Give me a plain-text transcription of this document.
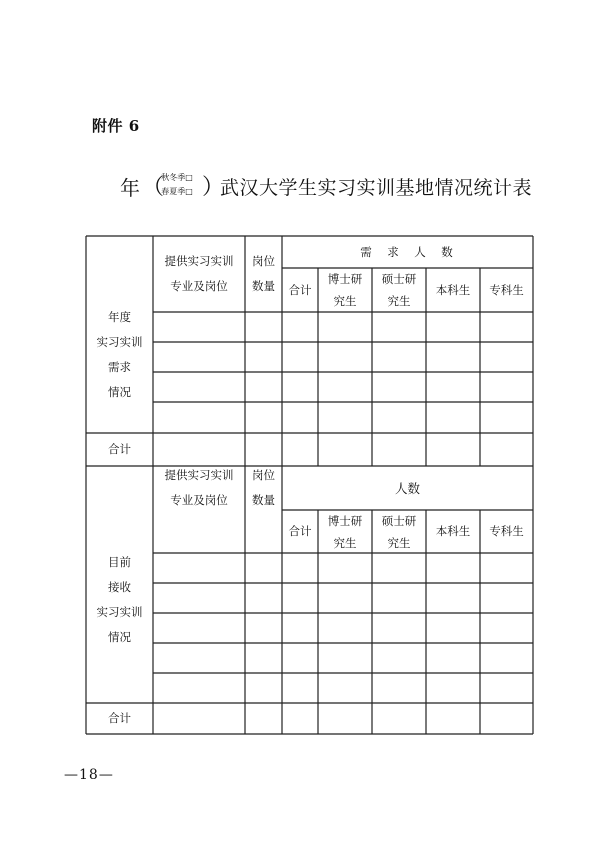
附件 6
年 （
秋冬季□
春夏季□ ）
武汉大学生实习实训基地情况统计表
年度
实习实训
需求
情况
提供实习实训
专业及岗位
岗位
数量
需　求　人　数
合计
博士研
究生
硕士研
究生
本科生	专科生
合计
目前
接收
实习实训
情况
提供实习实训
专业及岗位
岗位
数量
人数
合计
博士研
究生
硕士研
究生
本科生	专科生
合计
—18—
